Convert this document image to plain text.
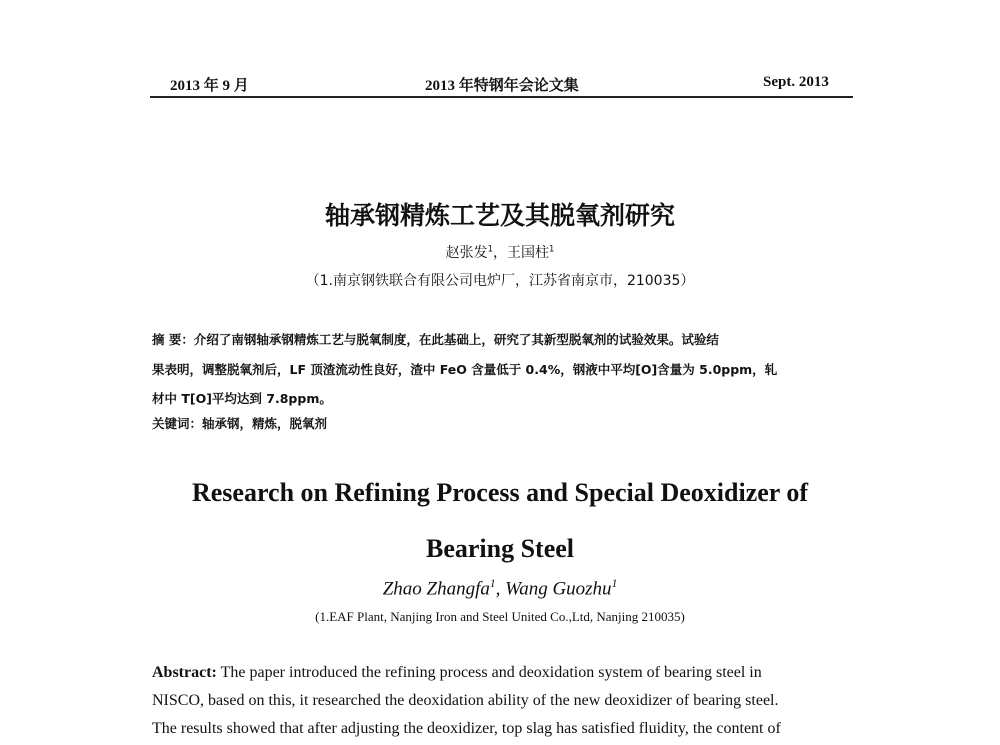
2013 年 9 月	2013 年特钢年会论文集	Sept. 2013
轴承钢精炼工艺及其脱氧剂研究
赵张发$^1$，王国柱$^1$
（1.南京钢铁联合有限公司电炉厂，江苏省南京市，210035）
摘 要：介绍了南钢轴承钢精炼工艺与脱氧制度，在此基础上，研究了其新型脱氧剂的试验效果。试验结
果表明，调整脱氧剂后，LF 顶渣流动性良好，渣中 FeO 含量低于 0.4%，钢液中平均[O]含量为 5.0ppm，轧
材中 T[O]平均达到 7.8ppm。
关键词：轴承钢，精炼，脱氧剂
Research on Refining Process and Special Deoxidizer of
Bearing Steel
Zhao Zhangfa$^1$, Wang Guozhu$^1$
(1.EAF Plant, Nanjing Iron and Steel United Co.,Ltd, Nanjing 210035)
Abstract: The paper introduced the refining process and deoxidation system of bearing steel in
NISCO, based on this, it researched the deoxidation ability of the new deoxidizer of bearing steel.
The results showed that after adjusting the deoxidizer, top slag has satisfied fluidity, the content of
